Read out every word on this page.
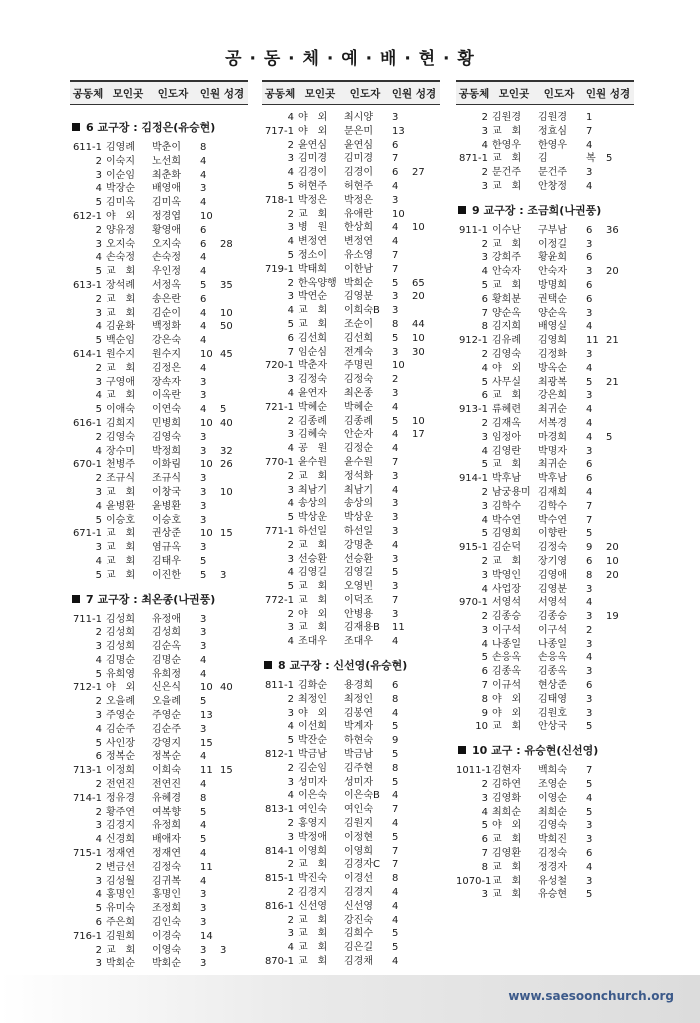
공 · 동 · 체 · 예 · 배 · 현 · 황
공동체 모인곳	인도자	인원 성경
6 교구장 : 김정은(유승현)
611-1 김영례	박춘이	8
2 이숙지	노선희	4
3 이순임	최춘화	4
4 박장순	배영애	3
5 김미옥	김미옥	4
612-1 야　외	정경엽	10
2 양유정	황영애	6
3 오지숙	오지숙	6	28
4 손숙정	손숙정	4
5 교　회	우인정	4
613-1 장석례	서정옥	5	35
2 교　회	송은란	6
3 교　회	김순이	4	10
4 김윤화	백정화	4	50
5 백순임	강은숙	4
614-1 원수지	원수지	10 45
2 교　회	김정은	4
3 구영애	장속자	3
4 교　회	이옥란	3
5 이애숙	이연숙	4	5
616-1 김희지	민병희	10 40
2 김영숙	김영숙	3
4 장수미	박정희	3	32
670-1 천병주	이화림	10 26
2 조규식	조규식	3
3 교　회	이창국	3	10
4 윤병환	윤병환	3
5 이승호	이승호	3
671-1 교　회	권상준	10 15
3 교　회	염규옥	3
4 교　회	김태우	5
5 교　회	이진한	5	3
7 교구장 : 최온종(나권풍)
711-1 김성희	유정애	3
2 김성희	김성희	3
3 김성희	김순옥	3
4 김명순	김명순	4
5 유희영	유희정	4
712-1 야　외	신은식	10 40
2 오을례	오을례	5
3 주영순	주영순	13
4 김순주	김순주	3
5 사인장	강영지	15
6 정복순	정복순	4
713-1 이정희	이희숙	11 15
2 전연진	전연진	4
714-1 정유경	유혜경	8
2 황주연	여복향	5
3 김경지	유정희	4
4 신경희	배애자	5
715-1 정재연	정재연	4
2 변금선	김정숙	11
3 김성월	김귀복	4
4 홍명인	홍명인	3
5 유미숙	조정희	3
6 주은희	김인숙	3
716-1 김원희	이경숙	14
2 교　회	이영숙	3	3
3 박회순	박회순	3
공동체 모인곳	인도자	인원 성경
4 야　외	최시양	3
717-1 야　외	문은미	13
2 윤연심	윤연심	6
3 김미경	김미경	7
4 김경이	김경이	6	27
5 허현주	허현주	4
718-1 박정은	박정은	3
2 교　회	유애란	10
3 병　원	한상희	4	10
4 변정연	변정연	4
5 정소이	유소영	7
719-1 박태희	이한남	7
2 한옥양행 박희순	5	65
3 박연순	김영분	3	20
4 교　회	이희숙B	3
5 교　회	조순이	8	44
6 김선희	김선희	5	10
7 임순심	전계숙	3	30
720-1 박춘자	주명린	10
3 김정숙	김정숙	2
4 윤연자	최온종	3
721-1 박혜순	박혜순	4
2 김종례	김종례	5	10
3 김혜숙	안순자	4	17
4 공　원	김정순	4
770-1 윤수원	윤수원	7
2 교　회	정석화	3
3 최남기	최남기	4
4 송상의	송상의	3
5 박상운	박상운	3
771-1 하선일	하선일	3
2 교　회	강명춘	4
3 선승환	선승환	3
4 김영길	김영길	5
5 교　회	오영빈	3
772-1 교　회	이덕조	7
2 야　외	안병용	3
3 교　회	김재용B	11
4 조대우	조대우	4
8 교구장 : 신선영(유승현)
811-1 김화순	용경희	6
2 최정인	최정인	8
3 야　외	김봉연	4
4 이선희	박계자	5
5 박잔순	하현숙	9
812-1 박금남	박금남	5
2 김순임	김주현	8
3 성미자	성미자	5
4 이은숙	이은숙B	4
813-1 여인숙	여인숙	7
2 홍영지	김원지	4
3 박정애	이정현	5
814-1 이영희	이영희	7
2 교　회	김경자C	7
815-1 박진숙	이경선	8
2 김경지	김경지	4
816-1 신선영	신선영	4
2 교　회	강진숙	4
3 교　회	김희수	5
4 교　회	김은길	5
870-1 교　회	김경채	4
공동체 모인곳	인도자	인원 성경
2 김원경	김원경	1
3 교　회	정효심	7
4 한영우	한영우	4
871-1 교　회	김	복	5
2 문건주	문건주	3
3 교　회	안창정	4
9 교구장 : 조금희(나권풍)
911-1 이수난	구부남	6	36
2 교　회	이정길	3
3 강희주	황윤희	6
4 안숙자	안숙자	3	20
5 교　회	방명희	6
6 황희분	권택순	6
7 양순옥	양순옥	3
8 김지희	배영실	4
912-1 김유례	김영희	11 21
2 김영숙	김정화	3
4 야　외	방옥순	4
5 사무실	최광복	5	21
6 교　회	강은희	3
913-1 류혜련	최귀순	4
2 김재옥	서복경	4
3 임정아	마경희	4	5
4 김영란	박명자	3
5 교　회	최귀순	6
914-1 박후남	박후남	6
2 남궁용미 김재희	4
3 김학수	김학수	7
4 박수연	박수연	7
5 김영희	이향란	5
915-1 김순덕	김정숙	9	20
2 교　회	장기영	6	10
3 박영인	김영애	8	20
4 사업장	김영분	3
970-1 서영석	서영석	4
2 김종승	김종승	3	19
3 이구석	이구석	2
4 나종일	나종일	3
5 손응옥	손응옥	4
6 김종옥	김종옥	3
7 이규석	현상준	6
8 야　외	김태영	3
9 야　외	김원호	3
10 교　회	안상국	5
10 교구 : 유승현(신선영)
1011-1 김현자	백희숙	7
2 김하연	조영순	5
3 김영화	이영순	4
4 최희순	최희순	5
5 야　외	김영숙	3
6 교　회	박희진	3
7 김영환	김정숙	6
8 교　회	정경자	4
1070-1 교　회	유성철	3
3 교　회	유승현	5
www.saesoonchurch.org
